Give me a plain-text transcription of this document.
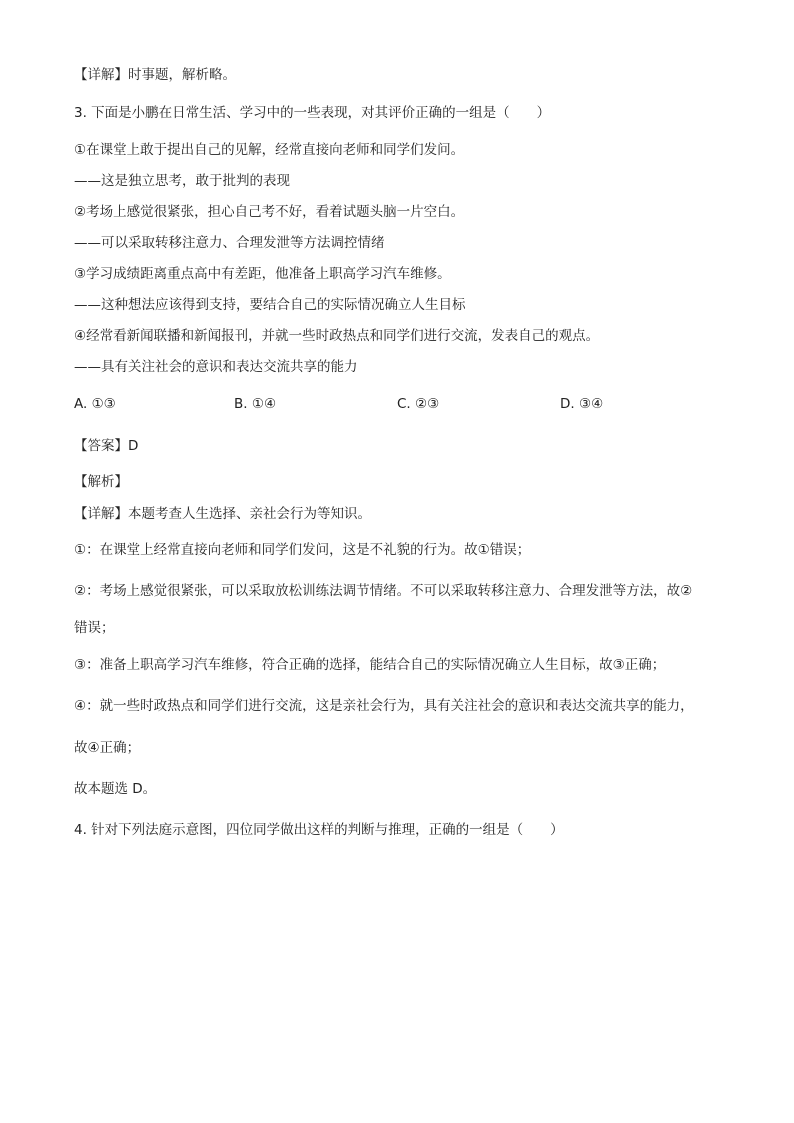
【详解】时事题，解析略。
3. 下面是小鹏在日常生活、学习中的一些表现，对其评价正确的一组是（　　）
①在课堂上敢于提出自己的见解，经常直接向老师和同学们发问。
——这是独立思考，敢于批判的表现
②考场上感觉很紧张，担心自己考不好，看着试题头脑一片空白。
——可以采取转移注意力、合理发泄等方法调控情绪
③学习成绩距离重点高中有差距，他准备上职高学习汽车维修。
——这种想法应该得到支持，要结合自己的实际情况确立人生目标
④经常看新闻联播和新闻报刊，并就一些时政热点和同学们进行交流，发表自己的观点。
——具有关注社会的意识和表达交流共享的能力
A. ①③	B. ①④	C. ②③	D. ③④
【答案】D
【解析】
【详解】本题考查人生选择、亲社会行为等知识。
①：在课堂上经常直接向老师和同学们发问，这是不礼貌的行为。故①错误；
②：考场上感觉很紧张，可以采取放松训练法调节情绪。不可以采取转移注意力、合理发泄等方法，故②
错误；
③：准备上职高学习汽车维修，符合正确的选择，能结合自己的实际情况确立人生目标，故③正确；
④：就一些时政热点和同学们进行交流，这是亲社会行为，具有关注社会的意识和表达交流共享的能力，
故④正确；
故本题选 D。
4. 针对下列法庭示意图，四位同学做出这样的判断与推理，正确的一组是（　　）
